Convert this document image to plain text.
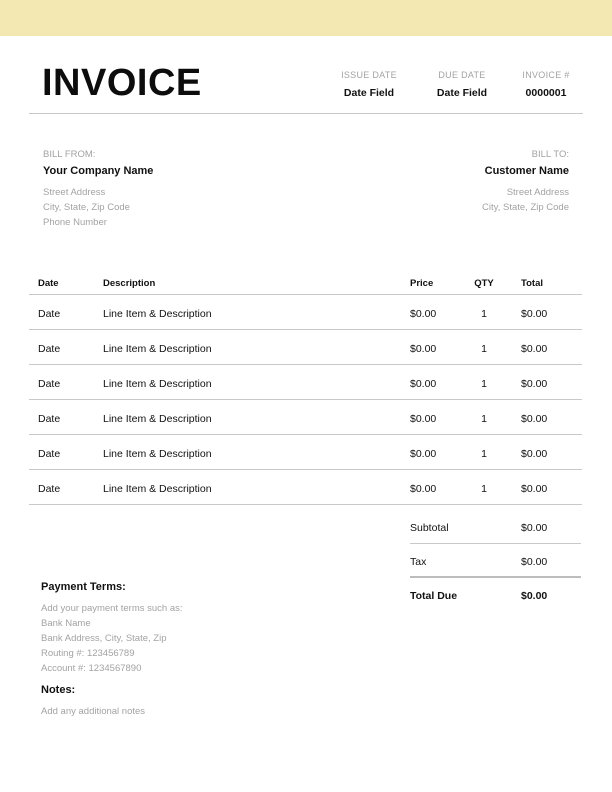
INVOICE	ISSUE DATE
Date Field
DUE DATE
Date Field
INVOICE #
0000001
BILL FROM:
Your Company Name
Street Address
City, State, Zip Code
Phone Number
BILL TO:
Customer Name
Street Address
City, State, Zip Code
Date	Description	Price	QTY	Total
Date	Line Item & Description	$0.00	1	$0.00
Date	Line Item & Description	$0.00	1	$0.00
Date	Line Item & Description	$0.00	1	$0.00
Date	Line Item & Description	$0.00	1	$0.00
Date	Line Item & Description	$0.00	1	$0.00
Date	Line Item & Description	$0.00	1	$0.00
Subtotal	$0.00
Tax	$0.00
Total Due	$0.00
Payment Terms:
Add your payment terms such as:
Bank Name
Bank Address, City, State, Zip
Routing #: 123456789
Account #: 1234567890
Notes:
Add any additional notes
